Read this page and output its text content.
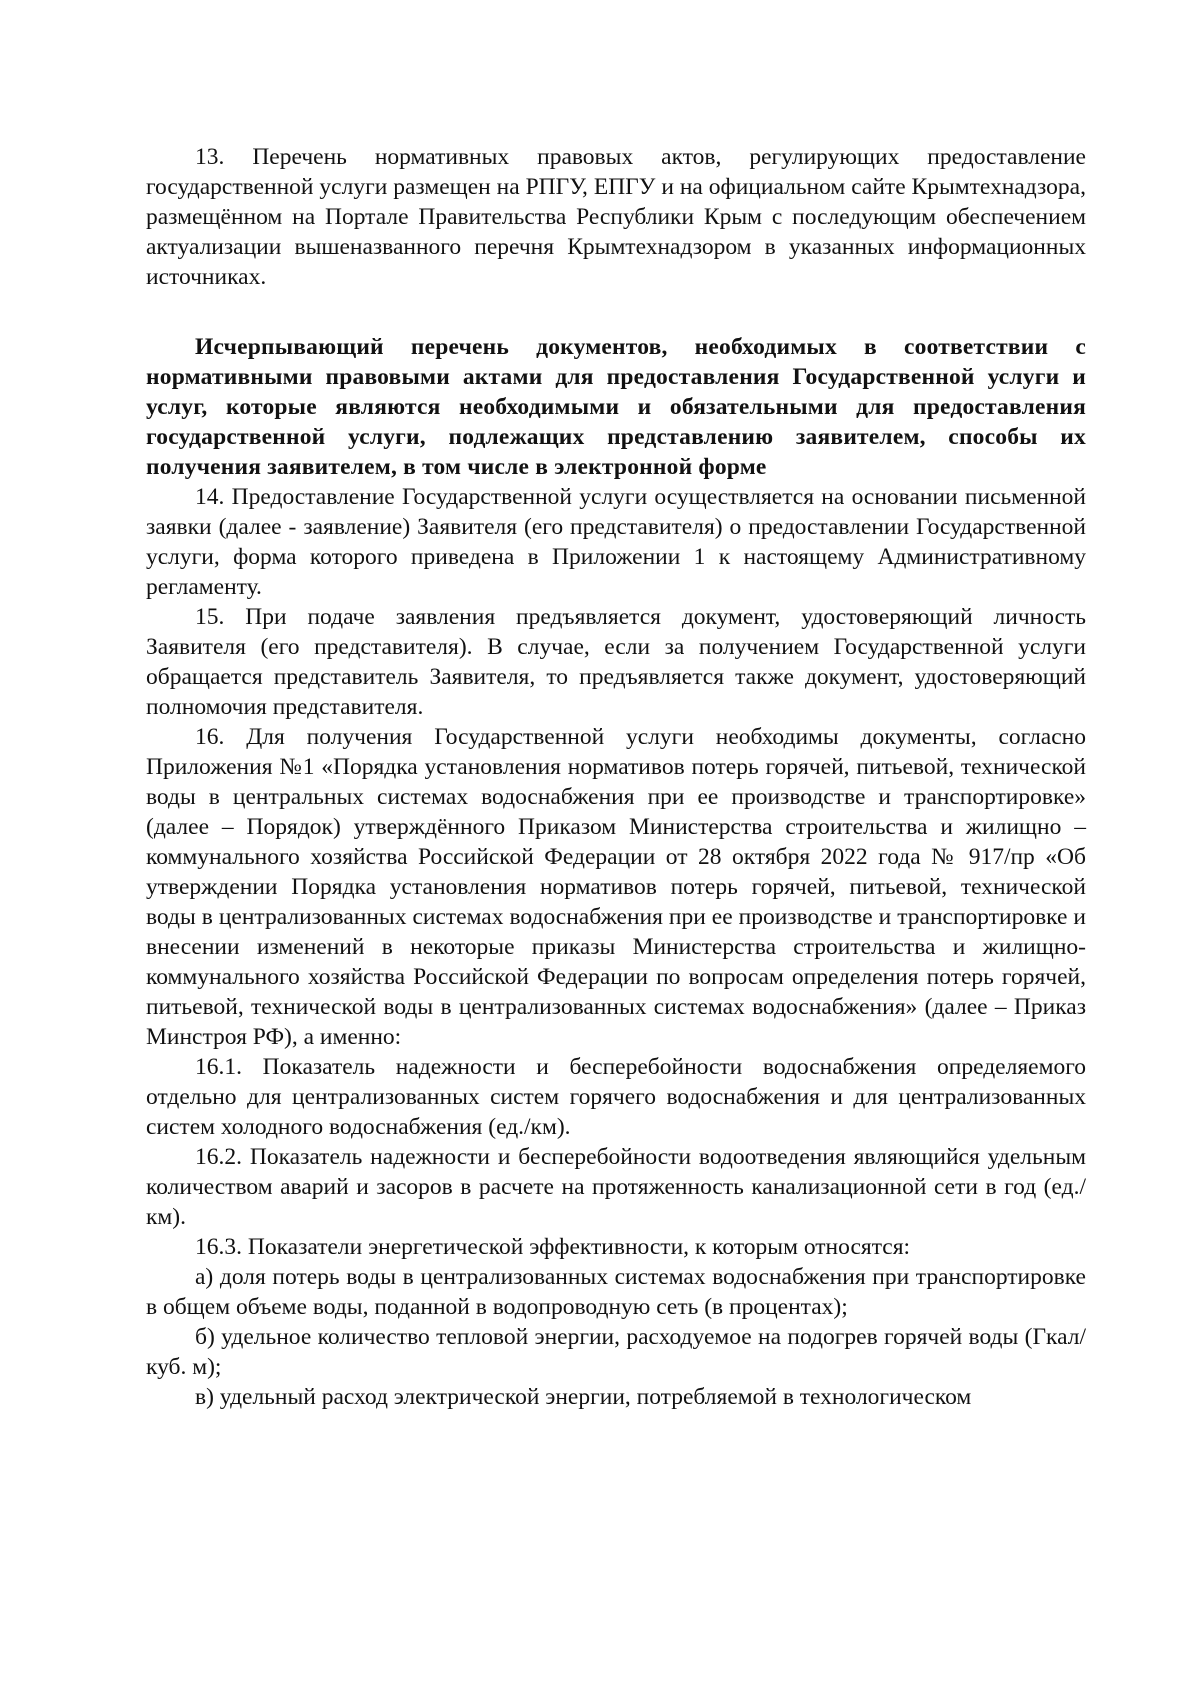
13. Перечень нормативных правовых актов, регулирующих предоставление государственной услуги размещен на РПГУ, ЕПГУ и на официальном сайте Крымтехнадзора, размещённом на Портале Правительства Республики Крым с последующим обеспечением актуализации вышеназванного перечня Крымтехнадзором в указанных информационных источниках.

Исчерпывающий перечень документов, необходимых в соответствии с нормативными правовыми актами для предоставления Государственной услуги и услуг, которые являются необходимыми и обязательными для предоставления государственной услуги, подлежащих представлению заявителем, способы их получения заявителем, в том числе в электронной форме

14. Предоставление Государственной услуги осуществляется на основании письменной заявки (далее - заявление) Заявителя (его представителя) о предоставлении Государственной услуги, форма которого приведена в Приложении 1 к настоящему Административному регламенту.

15. При подаче заявления предъявляется документ, удостоверяющий личность Заявителя (его представителя). В случае, если за получением Государственной услуги обращается представитель Заявителя, то предъявляется также документ, удостоверяющий полномочия представителя.

16. Для получения Государственной услуги необходимы документы, согласно Приложения №1 «Порядка установления нормативов потерь горячей, питьевой, технической воды в центральных системах водоснабжения при ее производстве и транспортировке» (далее – Порядок) утверждённого Приказом Министерства строительства и жилищно – коммунального хозяйства Российской Федерации от 28 октября 2022 года № 917/пр «Об утверждении Порядка установления нормативов потерь горячей, питьевой, технической воды в централизованных системах водоснабжения при ее производстве и транспортировке и внесении изменений в некоторые приказы Министерства строительства и жилищно-коммунального хозяйства Российской Федерации по вопросам определения потерь горячей, питьевой, технической воды в централизованных системах водоснабжения» (далее – Приказ Минстроя РФ), а именно:

16.1. Показатель надежности и бесперебойности водоснабжения определяемого отдельно для централизованных систем горячего водоснабжения и для централизованных систем холодного водоснабжения (ед./км).

16.2. Показатель надежности и бесперебойности водоотведения являющийся удельным количеством аварий и засоров в расчете на протяженность канализационной сети в год (ед./км).

16.3. Показатели энергетической эффективности, к которым относятся:

а) доля потерь воды в централизованных системах водоснабжения при транспортировке в общем объеме воды, поданной в водопроводную сеть (в процентах);

б) удельное количество тепловой энергии, расходуемое на подогрев горячей воды (Гкал/куб. м);

в) удельный расход электрической энергии, потребляемой в технологическом
